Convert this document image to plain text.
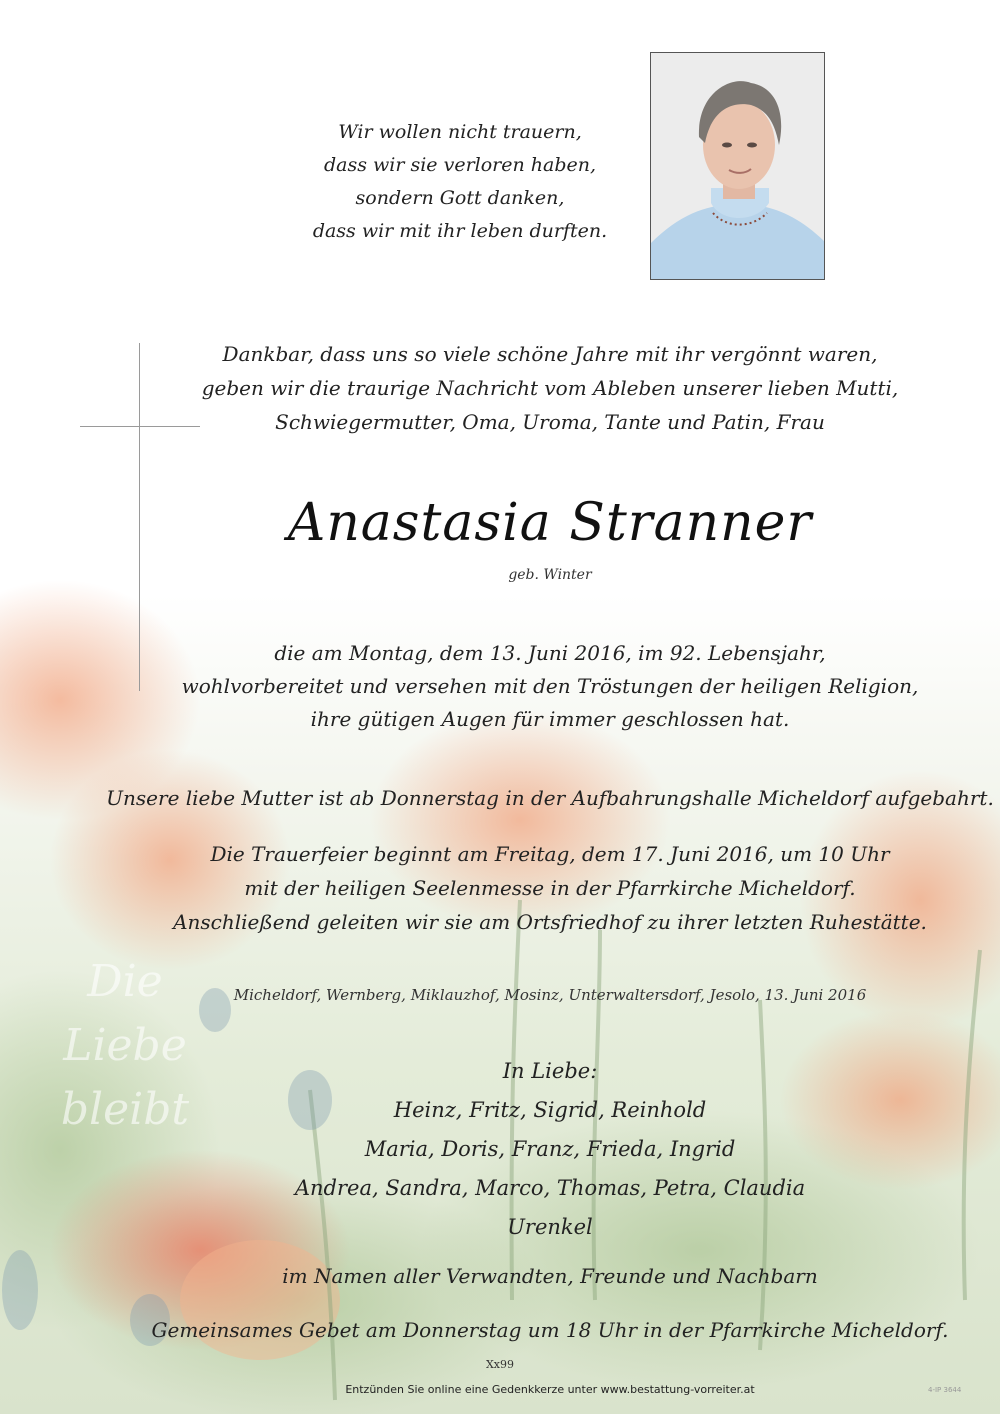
Die
Liebe
bleibt
Wir wollen nicht trauern,
dass wir sie verloren haben,
sondern Gott danken,
dass wir mit ihr leben durften.
Dankbar, dass uns so viele schöne Jahre mit ihr vergönnt waren,
geben wir die traurige Nachricht vom Ableben unserer lieben Mutti,
Schwiegermutter, Oma, Uroma, Tante und Patin, Frau
Anastasia Stranner
geb. Winter
die am Montag, dem 13. Juni 2016, im 92. Lebensjahr,
wohlvorbereitet und versehen mit den Tröstungen der heiligen Religion,
ihre gütigen Augen für immer geschlossen hat.
Unsere liebe Mutter ist ab Donnerstag in der Aufbahrungshalle Micheldorf aufgebahrt.
Die Trauerfeier beginnt am Freitag, dem 17. Juni 2016, um 10 Uhr
mit der heiligen Seelenmesse in der Pfarrkirche Micheldorf.
Anschließend geleiten wir sie am Ortsfriedhof zu ihrer letzten Ruhestätte.
Micheldorf, Wernberg, Miklauzhof, Mosinz, Unterwaltersdorf, Jesolo, 13. Juni 2016
In Liebe:
Heinz, Fritz, Sigrid, Reinhold
Maria, Doris, Franz, Frieda, Ingrid
Andrea, Sandra, Marco, Thomas, Petra, Claudia
Urenkel
im Namen aller Verwandten, Freunde und Nachbarn
Gemeinsames Gebet am Donnerstag um 18 Uhr in der Pfarrkirche Micheldorf.
Xx99
Entzünden Sie online eine Gedenkkerze unter www.bestattung-vorreiter.at	4-IP 3644
